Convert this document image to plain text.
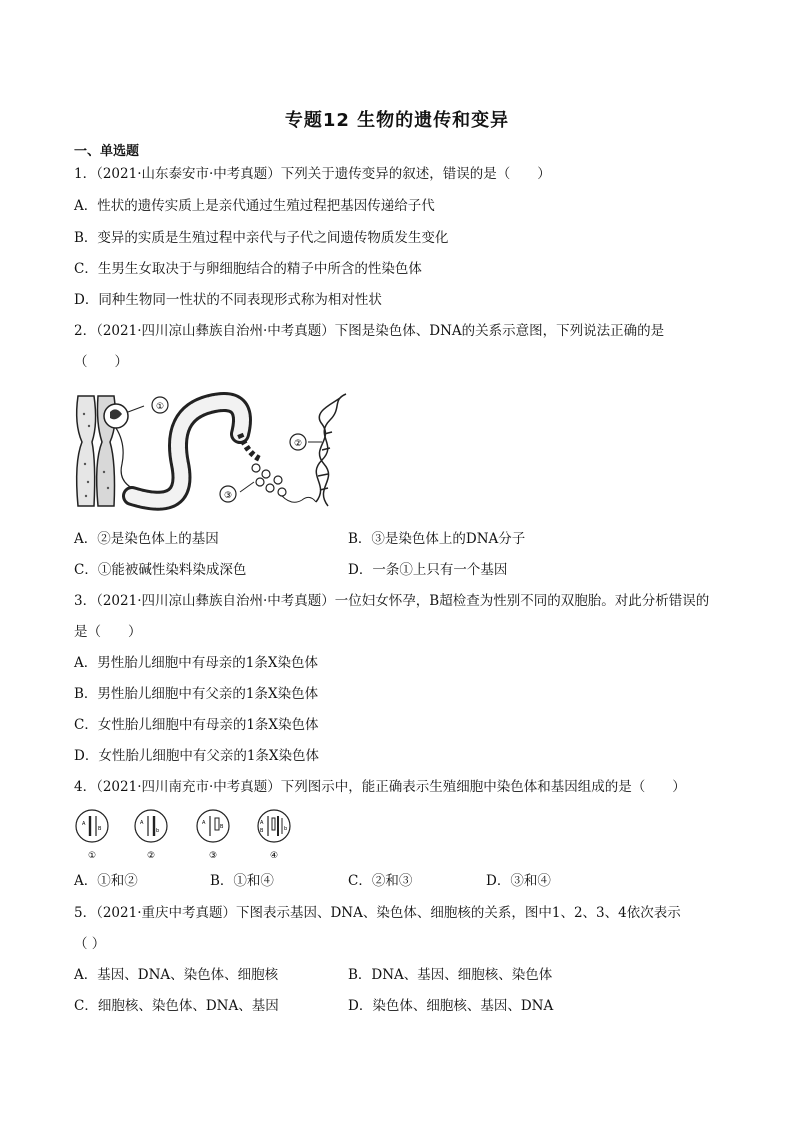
专题12 生物的遗传和变异
一、单选题
1．（2021·山东泰安市·中考真题）下列关于遗传变异的叙述，错误的是（　　）
A．性状的遗传实质上是亲代通过生殖过程把基因传递给子代
B．变异的实质是生殖过程中亲代与子代之间遗传物质发生变化
C．生男生女取决于与卵细胞结合的精子中所含的性染色体
D．同种生物同一性状的不同表现形式称为相对性状
2．（2021·四川凉山彝族自治州·中考真题）下图是染色体、DNA的关系示意图，下列说法正确的是
（　　）
①
③
②
A．②是染色体上的基因	B．③是染色体上的DNA分子
C．①能被碱性染料染成深色	D．一条①上只有一个基因
3．（2021·四川凉山彝族自治州·中考真题）一位妇女怀孕，B超检查为性别不同的双胞胎。对此分析错误的
是（　　）
A．男性胎儿细胞中有母亲的1条X染色体
B．男性胎儿细胞中有父亲的1条X染色体
C．女性胎儿细胞中有母亲的1条X染色体
D．女性胎儿细胞中有父亲的1条X染色体
4．（2021·四川南充市·中考真题）下列图示中，能正确表示生殖细胞中染色体和基因组成的是（　　）
A
B
①
A
b
②
A
B
③
A
B	b
④
A．①和②	B．①和④	C．②和③	D．③和④
5．（2021·重庆中考真题）下图表示基因、DNA、染色体、细胞核的关系，图中1、2、3、4依次表示
（ ）
A．基因、DNA、染色体、细胞核	B．DNA、基因、细胞核、染色体
C．细胞核、染色体、DNA、基因	D．染色体、细胞核、基因、DNA
